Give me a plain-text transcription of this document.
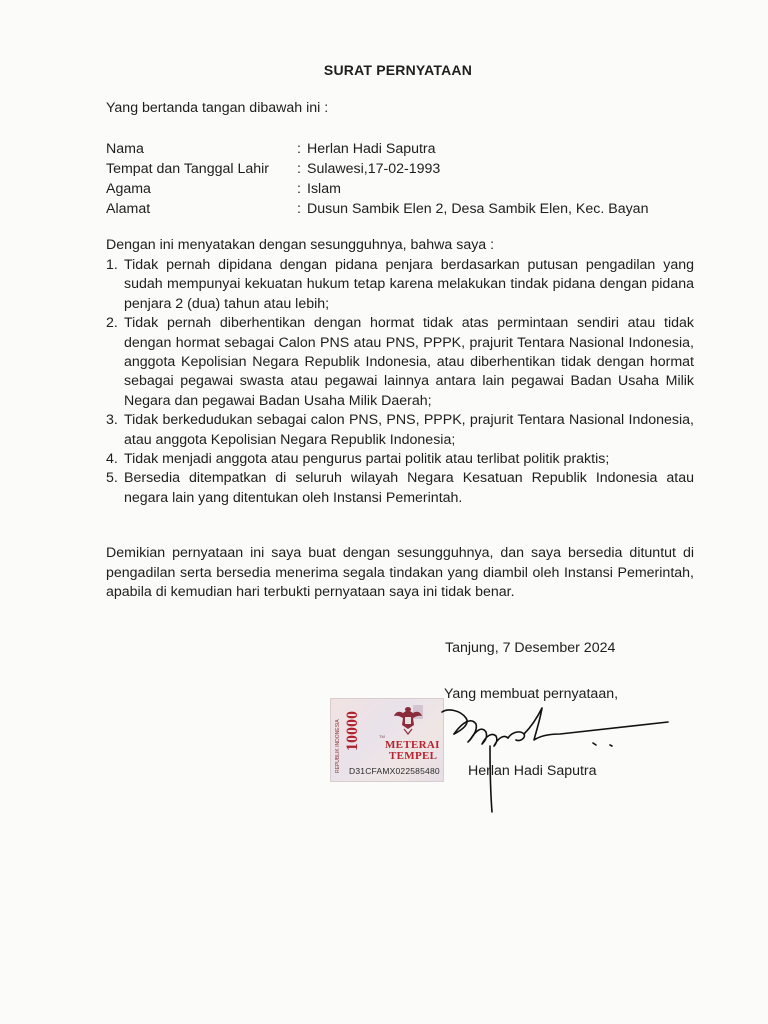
SURAT PERNYATAAN
Yang bertanda tangan dibawah ini :
Nama	: Herlan Hadi Saputra
Tempat dan Tanggal Lahir : Sulawesi,17-02-1993
Agama	: Islam
Alamat	: Dusun Sambik Elen 2, Desa Sambik Elen, Kec. Bayan
Dengan ini menyatakan dengan sesungguhnya, bahwa saya :
1. Tidak pernah dipidana dengan pidana penjara berdasarkan putusan pengadilan yang sudah mempunyai kekuatan hukum tetap karena melakukan tindak pidana dengan pidana penjara 2 (dua) tahun atau lebih;
2. Tidak pernah diberhentikan dengan hormat tidak atas permintaan sendiri atau tidak dengan hormat sebagai Calon PNS atau PNS, PPPK, prajurit Tentara Nasional Indonesia, anggota Kepolisian Negara Republik Indonesia, atau diberhentikan tidak dengan hormat sebagai pegawai swasta atau pegawai lainnya antara lain pegawai Badan Usaha Milik Negara dan pegawai Badan Usaha Milik Daerah;
3. Tidak berkedudukan sebagai calon PNS, PNS, PPPK, prajurit Tentara Nasional Indonesia, atau anggota Kepolisian Negara Republik Indonesia;
4. Tidak menjadi anggota atau pengurus partai politik atau terlibat politik praktis;
5. Bersedia ditempatkan di seluruh wilayah Negara Kesatuan Republik Indonesia atau negara lain yang ditentukan oleh Instansi Pemerintah.
Demikian pernyataan ini saya buat dengan sesungguhnya, dan saya bersedia dituntut di pengadilan serta bersedia menerima segala tindakan yang diambil oleh Instansi Pemerintah, apabila di kemudian hari terbukti pernyataan saya ini tidak benar.
Tanjung, 7 Desember 2024
Yang membuat pernyataan,
REPUBLIK INDONESIA 10000	TM
METERAI
TEMPEL
D31CFAMX022585480 Herlan Hadi Saputra
